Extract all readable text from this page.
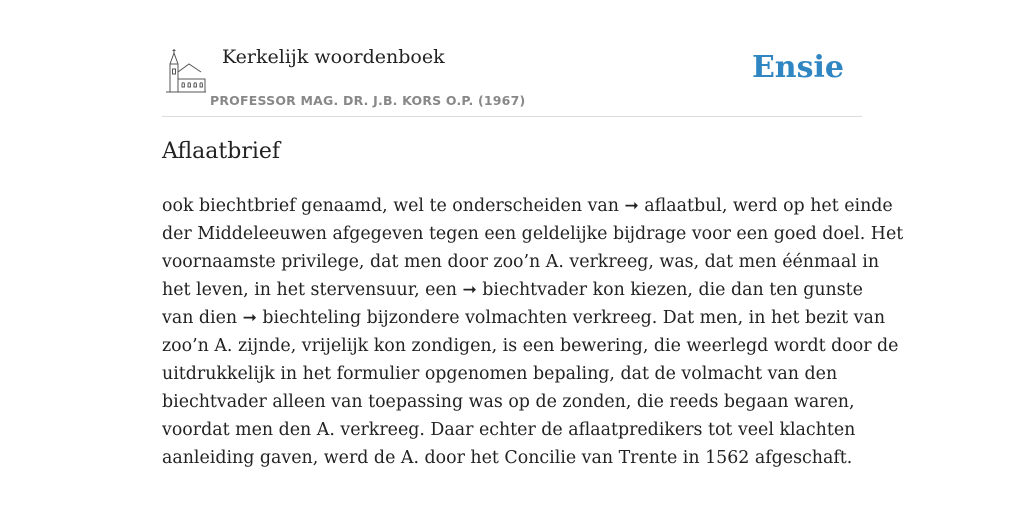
Kerkelijk woordenboek
PROFESSOR MAG. DR. J.B. KORS O.P. (1967)
Ensie
Aflaatbrief
ook biechtbrief genaamd, wel te onderscheiden van ➞ aflaatbul, werd op het einde
der Middeleeuwen afgegeven tegen een geldelijke bijdrage voor een goed doel. Het
voornaamste privilege, dat men door zoo’n A. verkreeg, was, dat men éénmaal in
het leven, in het stervensuur, een ➞ biechtvader kon kiezen, die dan ten gunste
van dien ➞ biechteling bijzondere volmachten verkreeg. Dat men, in het bezit van
zoo’n A. zijnde, vrijelijk kon zondigen, is een bewering, die weerlegd wordt door de
uitdrukkelijk in het formulier opgenomen bepaling, dat de volmacht van den
biechtvader alleen van toepassing was op de zonden, die reeds begaan waren,
voordat men den A. verkreeg. Daar echter de aflaatpredikers tot veel klachten
aanleiding gaven, werd de A. door het Concilie van Trente in 1562 afgeschaft.
